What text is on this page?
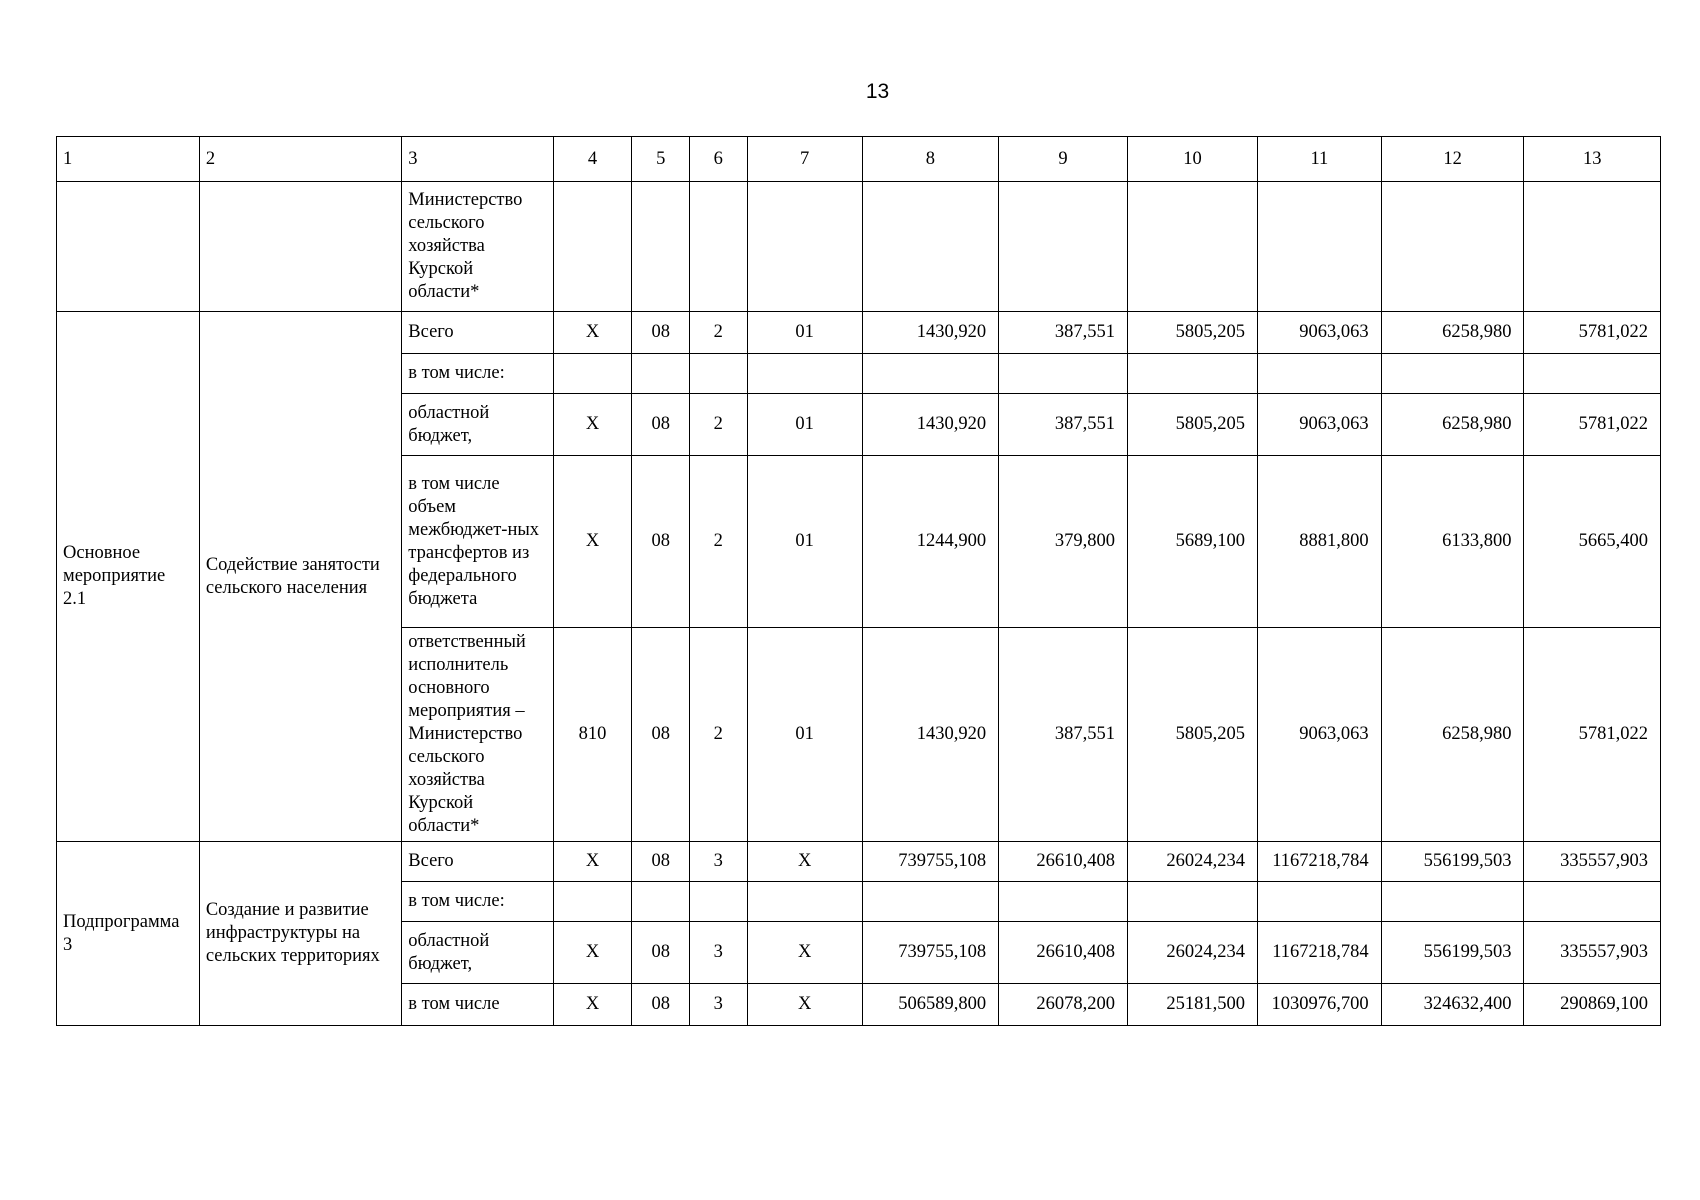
13
1	2	3	4	5	6	7	8	9	10	11	12	13
		Министерство сельского хозяйства Курской области*										
Основное мероприятие 2.1	Содействие занятости сельского населения	Всего	Х	08	2	01	1430,920	387,551	5805,205	9063,063	6258,980	5781,022
		в том числе:										
		областной бюджет,	Х	08	2	01	1430,920	387,551	5805,205	9063,063	6258,980	5781,022
		в том числе объем межбюджет-ных трансфертов из федерального бюджета	Х	08	2	01	1244,900	379,800	5689,100	8881,800	6133,800	5665,400
		ответственный исполнитель основного мероприятия – Министерство сельского хозяйства Курской области*	810	08	2	01	1430,920	387,551	5805,205	9063,063	6258,980	5781,022
Подпрограмма 3	Создание и развитие инфраструктуры на сельских территориях	Всего	Х	08	3	Х	739755,108	26610,408	26024,234	1167218,784	556199,503	335557,903
		в том числе:										
		областной бюджет,	Х	08	3	Х	739755,108	26610,408	26024,234	1167218,784	556199,503	335557,903
		в том числе	Х	08	3	Х	506589,800	26078,200	25181,500	1030976,700	324632,400	290869,100
